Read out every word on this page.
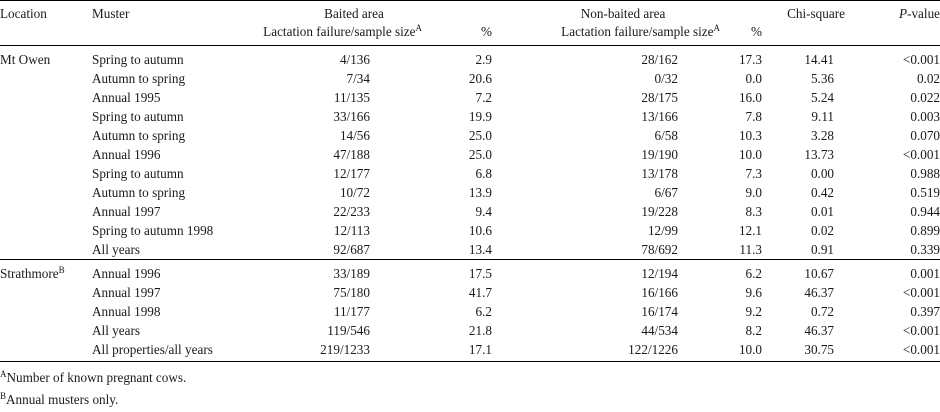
Location	Muster	Baited area		Non-baited area		Chi-square	P-value
		Lactation failure/sample size$^A$	%	Lactation failure/sample size$^A$	%		
Mt Owen	Spring to autumn	4/136	2.9	28/162	17.3	14.41	<0.001
	Autumn to spring	7/34	20.6	0/32	0.0	5.36	0.02
	Annual 1995	11/135	7.2	28/175	16.0	5.24	0.022
	Spring to autumn	33/166	19.9	13/166	7.8	9.11	0.003
	Autumn to spring	14/56	25.0	6/58	10.3	3.28	0.070
	Annual 1996	47/188	25.0	19/190	10.0	13.73	<0.001
	Spring to autumn	12/177	6.8	13/178	7.3	0.00	0.988
	Autumn to spring	10/72	13.9	6/67	9.0	0.42	0.519
	Annual 1997	22/233	9.4	19/228	8.3	0.01	0.944
	Spring to autumn 1998	12/113	10.6	12/99	12.1	0.02	0.899
	All years	92/687	13.4	78/692	11.3	0.91	0.339
Strathmore$^B$	Annual 1996	33/189	17.5	12/194	6.2	10.67	0.001
	Annual 1997	75/180	41.7	16/166	9.6	46.37	<0.001
	Annual 1998	11/177	6.2	16/174	9.2	0.72	0.397
	All years	119/546	21.8	44/534	8.2	46.37	<0.001
	All properties/all years	219/1233	17.1	122/1226	10.0	30.75	<0.001
$^A$Number of known pregnant cows.
$^B$Annual musters only.
